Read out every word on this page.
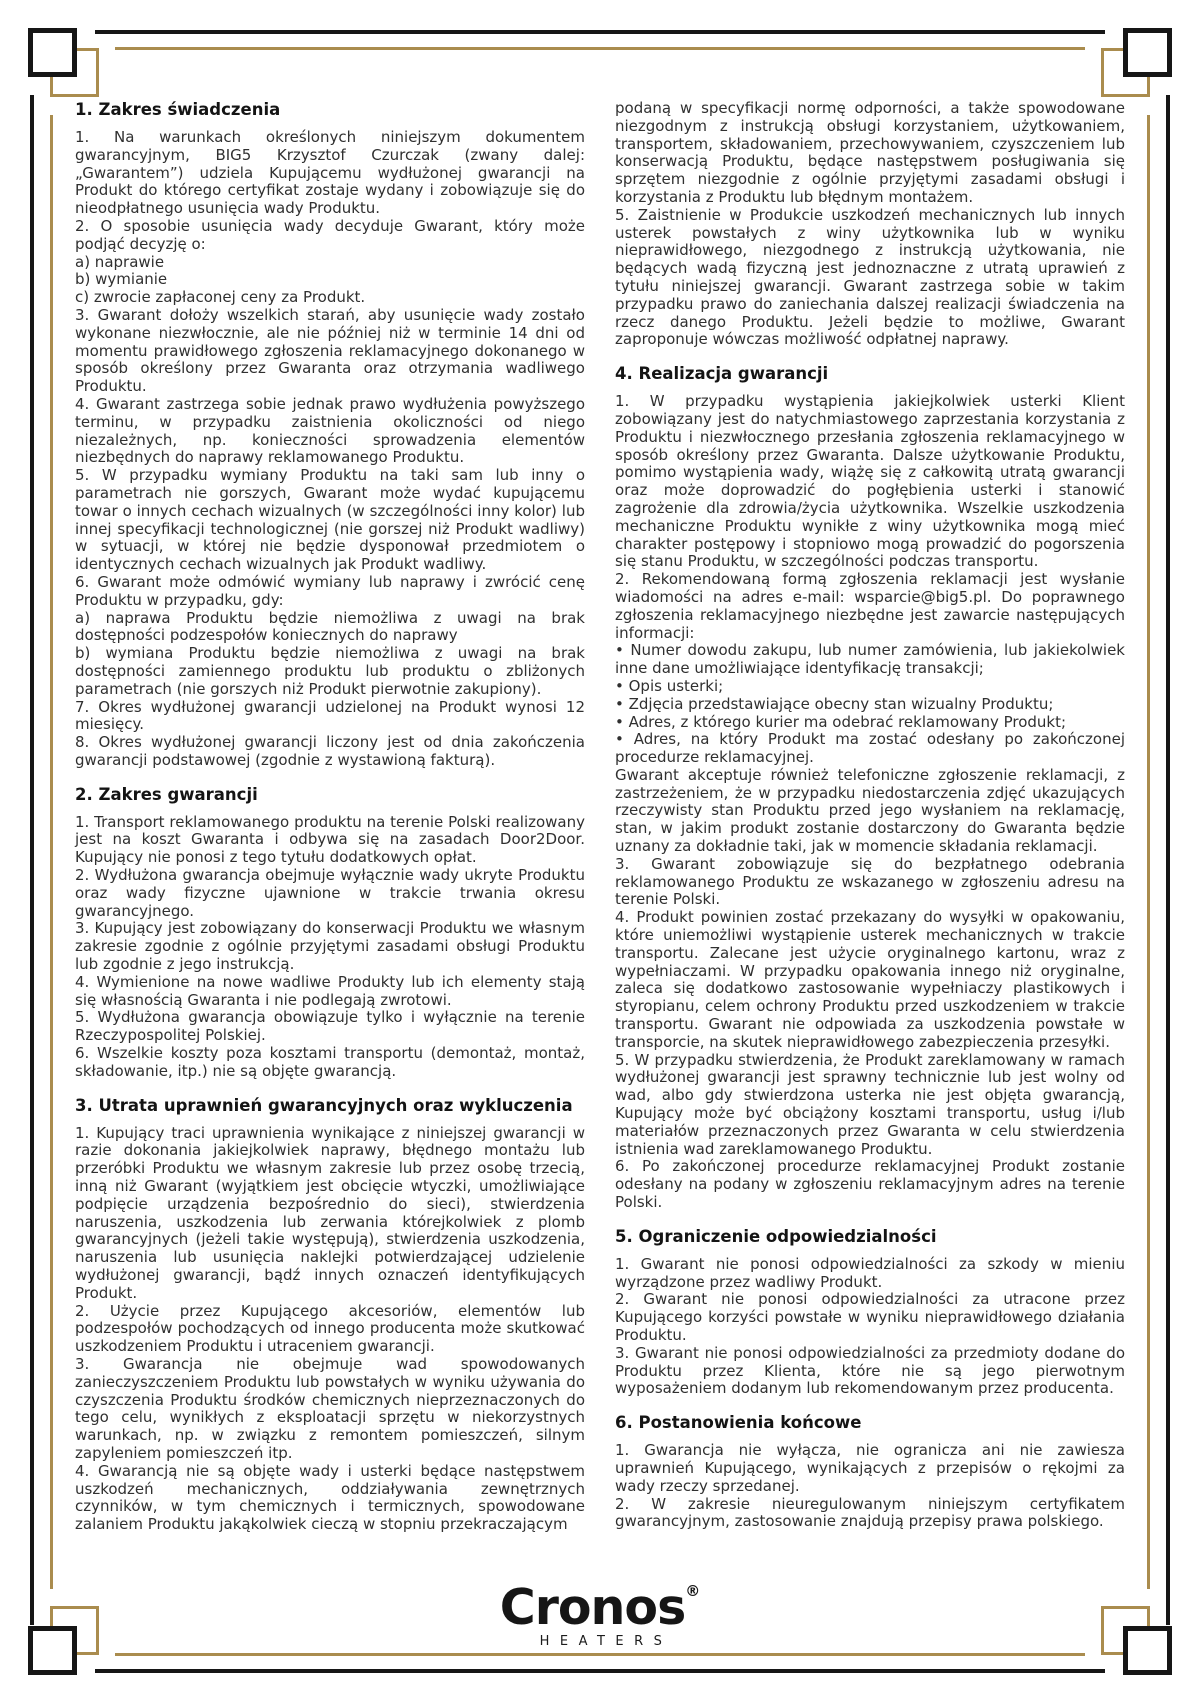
1. Zakres świadczenia
1. Na warunkach określonych niniejszym dokumentem gwarancyjnym, BIG5 Krzysztof Czurczak (zwany dalej: „Gwarantem”) udziela Kupującemu wydłużonej gwarancji na Produkt do którego certyfikat zostaje wydany i zobowiązuje się do nieodpłatnego usunięcia wady Produktu.
2. O sposobie usunięcia wady decyduje Gwarant, który może podjąć decyzję o:
a) naprawie
b) wymianie
c) zwrocie zapłaconej ceny za Produkt.
3. Gwarant dołoży wszelkich starań, aby usunięcie wady zostało wykonane niezwłocznie, ale nie później niż w terminie 14 dni od momentu prawidłowego zgłoszenia reklamacyjnego dokonanego w sposób określony przez Gwaranta oraz otrzymania wadliwego Produktu.
4. Gwarant zastrzega sobie jednak prawo wydłużenia powyższego terminu, w przypadku zaistnienia okoliczności od niego niezależnych, np. konieczności sprowadzenia elementów niezbędnych do naprawy reklamowanego Produktu.
5. W przypadku wymiany Produktu na taki sam lub inny o parametrach nie gorszych, Gwarant może wydać kupującemu towar o innych cechach wizualnych (w szczególności inny kolor) lub innej specyfikacji technologicznej (nie gorszej niż Produkt wadliwy) w sytuacji, w której nie będzie dysponował przedmiotem o identycznych cechach wizualnych jak Produkt wadliwy.
6. Gwarant może odmówić wymiany lub naprawy i zwrócić cenę Produktu w przypadku, gdy:
a) naprawa Produktu będzie niemożliwa z uwagi na brak dostępności podzespołów koniecznych do naprawy
b) wymiana Produktu będzie niemożliwa z uwagi na brak dostępności zamiennego produktu lub produktu o zbliżonych parametrach (nie gorszych niż Produkt pierwotnie zakupiony).
7. Okres wydłużonej gwarancji udzielonej na Produkt wynosi 12 miesięcy.
8. Okres wydłużonej gwarancji liczony jest od dnia zakończenia gwarancji podstawowej (zgodnie z wystawioną fakturą).
2. Zakres gwarancji
1. Transport reklamowanego produktu na terenie Polski realizowany jest na koszt Gwaranta i odbywa się na zasadach Door2Door. Kupujący nie ponosi z tego tytułu dodatkowych opłat.
2. Wydłużona gwarancja obejmuje wyłącznie wady ukryte Produktu oraz wady fizyczne ujawnione w trakcie trwania okresu gwarancyjnego.
3. Kupujący jest zobowiązany do konserwacji Produktu we własnym zakresie zgodnie z ogólnie przyjętymi zasadami obsługi Produktu lub zgodnie z jego instrukcją.
4. Wymienione na nowe wadliwe Produkty lub ich elementy stają się własnością Gwaranta i nie podlegają zwrotowi.
5. Wydłużona gwarancja obowiązuje tylko i wyłącznie na terenie Rzeczypospolitej Polskiej.
6. Wszelkie koszty poza kosztami transportu (demontaż, montaż, składowanie, itp.) nie są objęte gwarancją.
3. Utrata uprawnień gwarancyjnych oraz wykluczenia
1. Kupujący traci uprawnienia wynikające z niniejszej gwarancji w razie dokonania jakiejkolwiek naprawy, błędnego montażu lub przeróbki Produktu we własnym zakresie lub przez osobę trzecią, inną niż Gwarant (wyjątkiem jest obcięcie wtyczki, umożliwiające podpięcie urządzenia bezpośrednio do sieci), stwierdzenia naruszenia, uszkodzenia lub zerwania którejkolwiek z plomb gwarancyjnych (jeżeli takie występują), stwierdzenia uszkodzenia, naruszenia lub usunięcia naklejki potwierdzającej udzielenie wydłużonej gwarancji, bądź innych oznaczeń identyfikujących Produkt.
2. Użycie przez Kupującego akcesoriów, elementów lub podzespołów pochodzących od innego producenta może skutkować uszkodzeniem Produktu i utraceniem gwarancji.
3. Gwarancja nie obejmuje wad spowodowanych zanieczyszczeniem Produktu lub powstałych w wyniku używania do czyszczenia Produktu środków chemicznych nieprzeznaczonych do tego celu, wynikłych z eksploatacji sprzętu w niekorzystnych warunkach, np. w związku z remontem pomieszczeń, silnym zapyleniem pomieszczeń itp.
4. Gwarancją nie są objęte wady i usterki będące następstwem uszkodzeń mechanicznych, oddziaływania zewnętrznych czynników, w tym chemicznych i termicznych, spowodowane zalaniem Produktu jakąkolwiek cieczą w stopniu przekraczającym
podaną w specyfikacji normę odporności, a także spowodowane niezgodnym z instrukcją obsługi korzystaniem, użytkowaniem, transportem, składowaniem, przechowywaniem, czyszczeniem lub konserwacją Produktu, będące następstwem posługiwania się sprzętem niezgodnie z ogólnie przyjętymi zasadami obsługi i korzystania z Produktu lub błędnym montażem.
5. Zaistnienie w Produkcie uszkodzeń mechanicznych lub innych usterek powstałych z winy użytkownika lub w wyniku nieprawidłowego, niezgodnego z instrukcją użytkowania, nie będących wadą fizyczną jest jednoznaczne z utratą uprawień z tytułu niniejszej gwarancji. Gwarant zastrzega sobie w takim przypadku prawo do zaniechania dalszej realizacji świadczenia na rzecz danego Produktu. Jeżeli będzie to możliwe, Gwarant zaproponuje wówczas możliwość odpłatnej naprawy.
4. Realizacja gwarancji
1. W przypadku wystąpienia jakiejkolwiek usterki Klient zobowiązany jest do natychmiastowego zaprzestania korzystania z Produktu i niezwłocznego przesłania zgłoszenia reklamacyjnego w sposób określony przez Gwaranta. Dalsze użytkowanie Produktu, pomimo wystąpienia wady, wiążę się z całkowitą utratą gwarancji oraz może doprowadzić do pogłębienia usterki i stanowić zagrożenie dla zdrowia/życia użytkownika. Wszelkie uszkodzenia mechaniczne Produktu wynikłe z winy użytkownika mogą mieć charakter postępowy i stopniowo mogą prowadzić do pogorszenia się stanu Produktu, w szczególności podczas transportu.
2. Rekomendowaną formą zgłoszenia reklamacji jest wysłanie wiadomości na adres e-mail: wsparcie@big5.pl. Do poprawnego zgłoszenia reklamacyjnego niezbędne jest zawarcie następujących informacji:
• Numer dowodu zakupu, lub numer zamówienia, lub jakiekolwiek inne dane umożliwiające identyfikację transakcji;
• Opis usterki;
• Zdjęcia przedstawiające obecny stan wizualny Produktu;
• Adres, z którego kurier ma odebrać reklamowany Produkt;
• Adres, na który Produkt ma zostać odesłany po zakończonej procedurze reklamacyjnej.
Gwarant akceptuje również telefoniczne zgłoszenie reklamacji, z zastrzeżeniem, że w przypadku niedostarczenia zdjęć ukazujących rzeczywisty stan Produktu przed jego wysłaniem na reklamację, stan, w jakim produkt zostanie dostarczony do Gwaranta będzie uznany za dokładnie taki, jak w momencie składania reklamacji.
3. Gwarant zobowiązuje się do bezpłatnego odebrania reklamowanego Produktu ze wskazanego w zgłoszeniu adresu na terenie Polski.
4. Produkt powinien zostać przekazany do wysyłki w opakowaniu, które uniemożliwi wystąpienie usterek mechanicznych w trakcie transportu. Zalecane jest użycie oryginalnego kartonu, wraz z wypełniaczami. W przypadku opakowania innego niż oryginalne, zaleca się dodatkowo zastosowanie wypełniaczy plastikowych i styropianu, celem ochrony Produktu przed uszkodzeniem w trakcie transportu. Gwarant nie odpowiada za uszkodzenia powstałe w transporcie, na skutek nieprawidłowego zabezpieczenia przesyłki.
5. W przypadku stwierdzenia, że Produkt zareklamowany w ramach wydłużonej gwarancji jest sprawny technicznie lub jest wolny od wad, albo gdy stwierdzona usterka nie jest objęta gwarancją, Kupujący może być obciążony kosztami transportu, usług i/lub materiałów przeznaczonych przez Gwaranta w celu stwierdzenia istnienia wad zareklamowanego Produktu.
6. Po zakończonej procedurze reklamacyjnej Produkt zostanie odesłany na podany w zgłoszeniu reklamacyjnym adres na terenie Polski.
5. Ograniczenie odpowiedzialności
1. Gwarant nie ponosi odpowiedzialności za szkody w mieniu wyrządzone przez wadliwy Produkt.
2. Gwarant nie ponosi odpowiedzialności za utracone przez Kupującego korzyści powstałe w wyniku nieprawidłowego działania Produktu.
3. Gwarant nie ponosi odpowiedzialności za przedmioty dodane do Produktu przez Klienta, które nie są jego pierwotnym wyposażeniem dodanym lub rekomendowanym przez producenta.
6. Postanowienia końcowe
1. Gwarancja nie wyłącza, nie ogranicza ani nie zawiesza uprawnień Kupującego, wynikających z przepisów o rękojmi za wady rzeczy sprzedanej.
2. W zakresie nieuregulowanym niniejszym certyfikatem gwarancyjnym, zastosowanie znajdują przepisy prawa polskiego.
Cronos®
HEATERS
